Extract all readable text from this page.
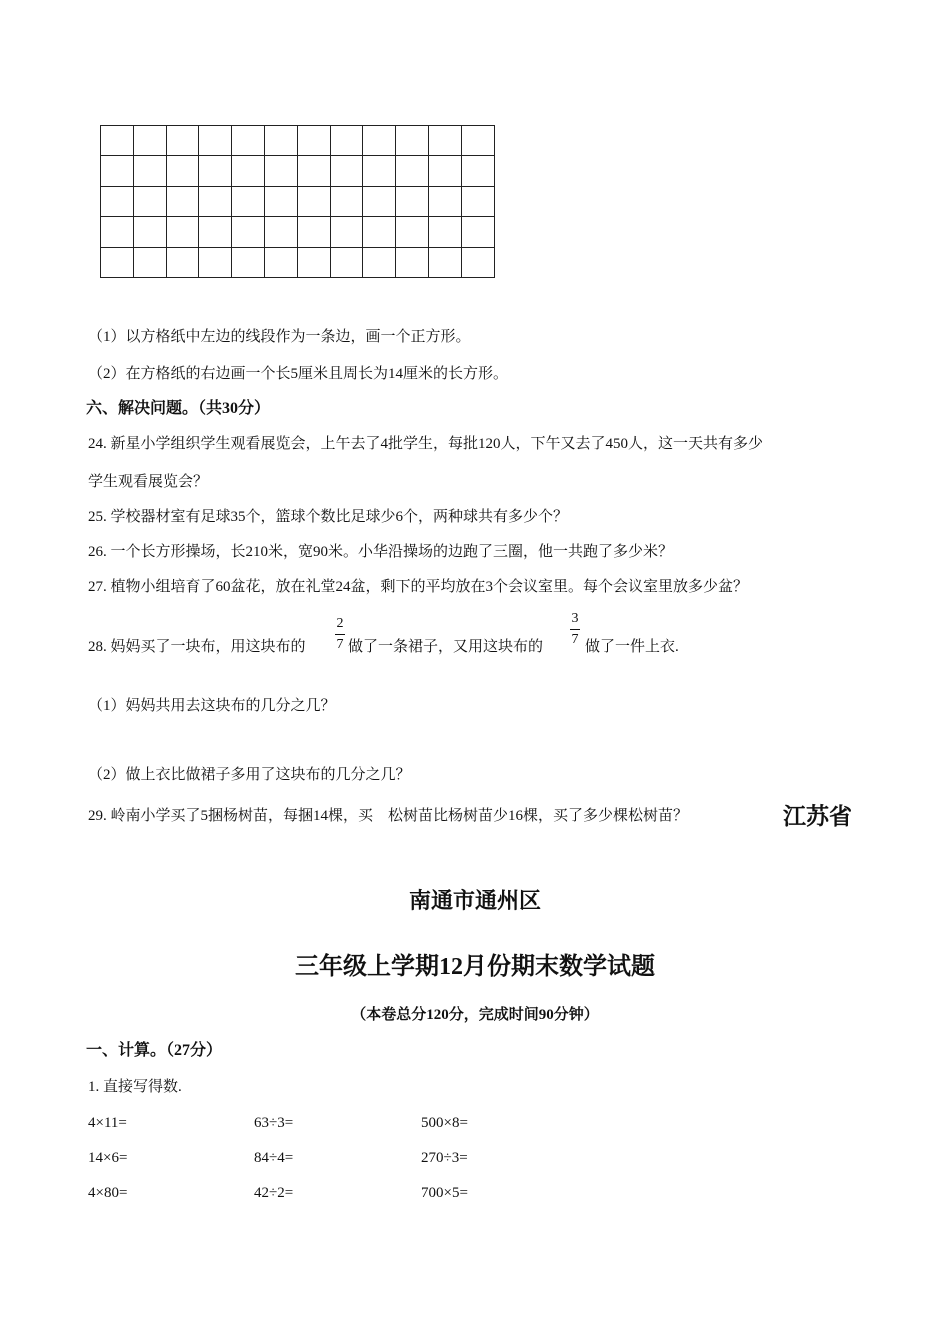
（1）以方格纸中左边的线段作为一条边，画一个正方形。
（2）在方格纸的右边画一个长5厘米且周长为14厘米的长方形。
六、解决问题。（共30分）
24. 新星小学组织学生观看展览会，上午去了4批学生，每批120人，下午又去了450人，这一天共有多少
学生观看展览会？
25. 学校器材室有足球35个，篮球个数比足球少6个，两种球共有多少个？
26. 一个长方形操场，长210米，宽90米。小华沿操场的边跑了三圈，他一共跑了多少米？
27. 植物小组培育了60盆花，放在礼堂24盆，剩下的平均放在3个会议室里。每个会议室里放多少盆？
28. 妈妈买了一块布，用这块布的
2
7 做了一条裙子，又用这块布的
3
7 做了一件上衣.
（1）妈妈共用去这块布的几分之几？
（2）做上衣比做裙子多用了这块布的几分之几？
29. 岭南小学买了5捆杨树苗，每捆14棵，买　松树苗比杨树苗少16棵，买了多少棵松树苗？	江苏省
南通市通州区
三年级上学期12月份期末数学试题
（本卷总分120分，完成时间90分钟）
一、计算。（27分）
1. 直接写得数.
4×11=	63÷3=	500×8=
14×6=	84÷4=	270÷3=
4×80=	42÷2=	700×5=
